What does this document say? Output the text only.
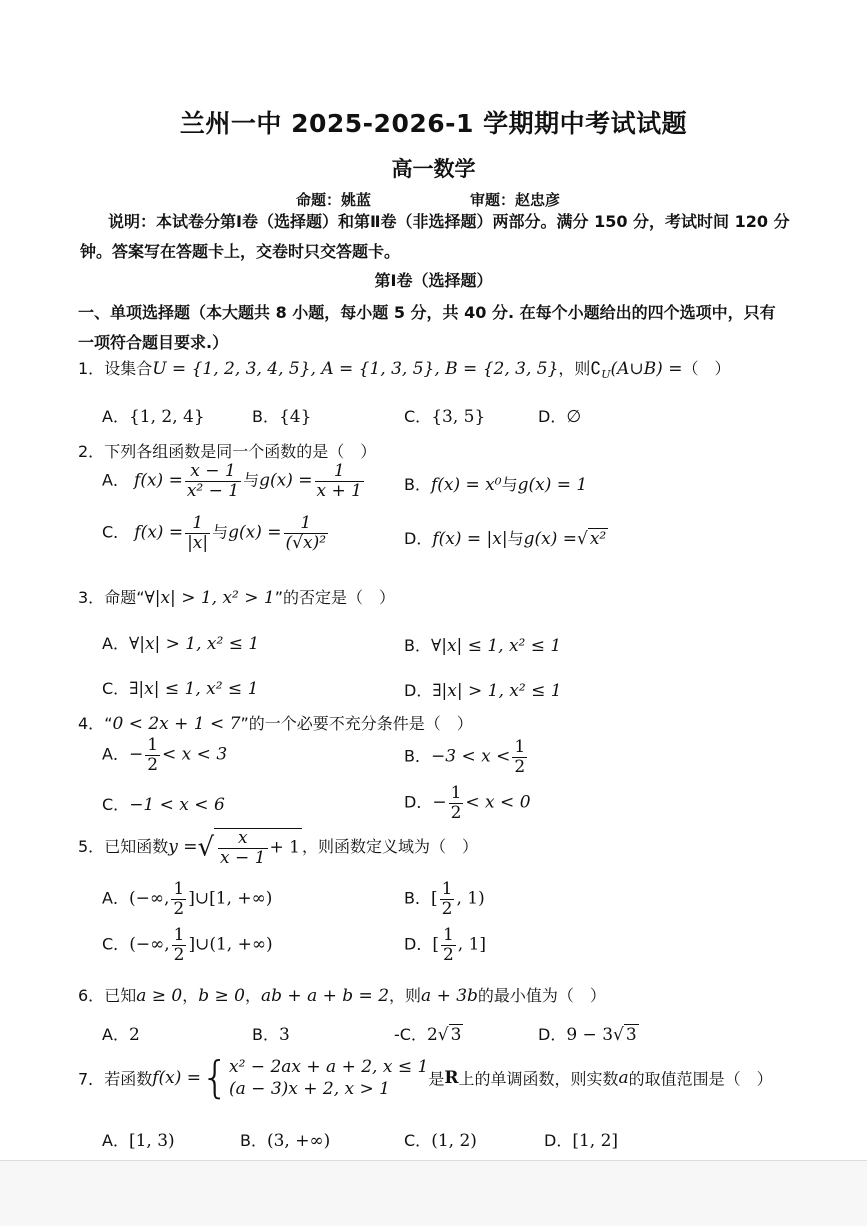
兰州一中 2025-2026-1 学期期中考试试题
高一数学
命题：姚蓝	审题：赵忠彦
说明：本试卷分第Ⅰ卷（选择题）和第Ⅱ卷（非选择题）两部分。满分 150 分，考试时间 120 分钟。答案写在答题卡上，交卷时只交答题卡。
第Ⅰ卷（选择题）
一、单项选择题（本大题共 8 小题，每小题 5 分，共 40 分. 在每个小题给出的四个选项中，只有一项符合题目要求.）
1．设集合U = {1, 2, 3, 4, 5}, A = {1, 3, 5}, B = {2, 3, 5}，则$∁_U(A\cup B)$ =（　）
A．{1, 2, 4}	B．{4}	C．{3, 5}	D．∅
2．下列各组函数是同一个函数的是（　）
A． $f(x) = \frac{x - 1}{\text{x² − 1}}$ 与$g(x) = \frac{1}{x + 1}$	B．f(x) = x⁰与g(x) = 1
C． $f(x) = \frac{1}{|x|}$ 与$g(x) = \frac{1}{\text{(√x)²}}$	D．f(x) = |x|与g(x) =√ x²
3．命题“∀|x| > 1, x² > 1”的否定是（　）
A．∀|x| > 1, x² ≤ 1	B．∀|x| ≤ 1, x² ≤ 1
C．∃|x| ≤ 1, x² ≤ 1	D．∃|x| > 1, x² ≤ 1
4．“0 < 2x + 1 < 7”的一个必要不充分条件是（　）
A．− $\frac{1}{2} < x < 3$	B．$-3 < x < \frac{1}{2}$
C．−1 < x < 6	D．− $\frac{1}{2} < x < 0$
5．已知函数y =√ $\frac{x}{x - 1} + 1$ ，则函数定义域为（　）
A．(−∞, $\frac{1}{2}$ ]∪[1, +∞)	B．[ $\frac{1}{2}$ , 1)
C．(−∞, $\frac{1}{2}$ ]∪(1, +∞)	D．[ $\frac{1}{2}$ , 1]
6．已知a ≥ 0，b ≥ 0，ab + a + b = 2，则a + 3b的最小值为（　）
A．2	B．3	-C．2√ 3	D．9 − 3√ 3
7．若函数f(x) ={ x² − 2ax + a + 2, x ≤ 1
(a − 3)x + 2, x > 1	是R上的单调函数，则实数a的取值范围是（　）
A．[1, 3)	B．(3, +∞)	C．(1, 2)	D．[1, 2]
